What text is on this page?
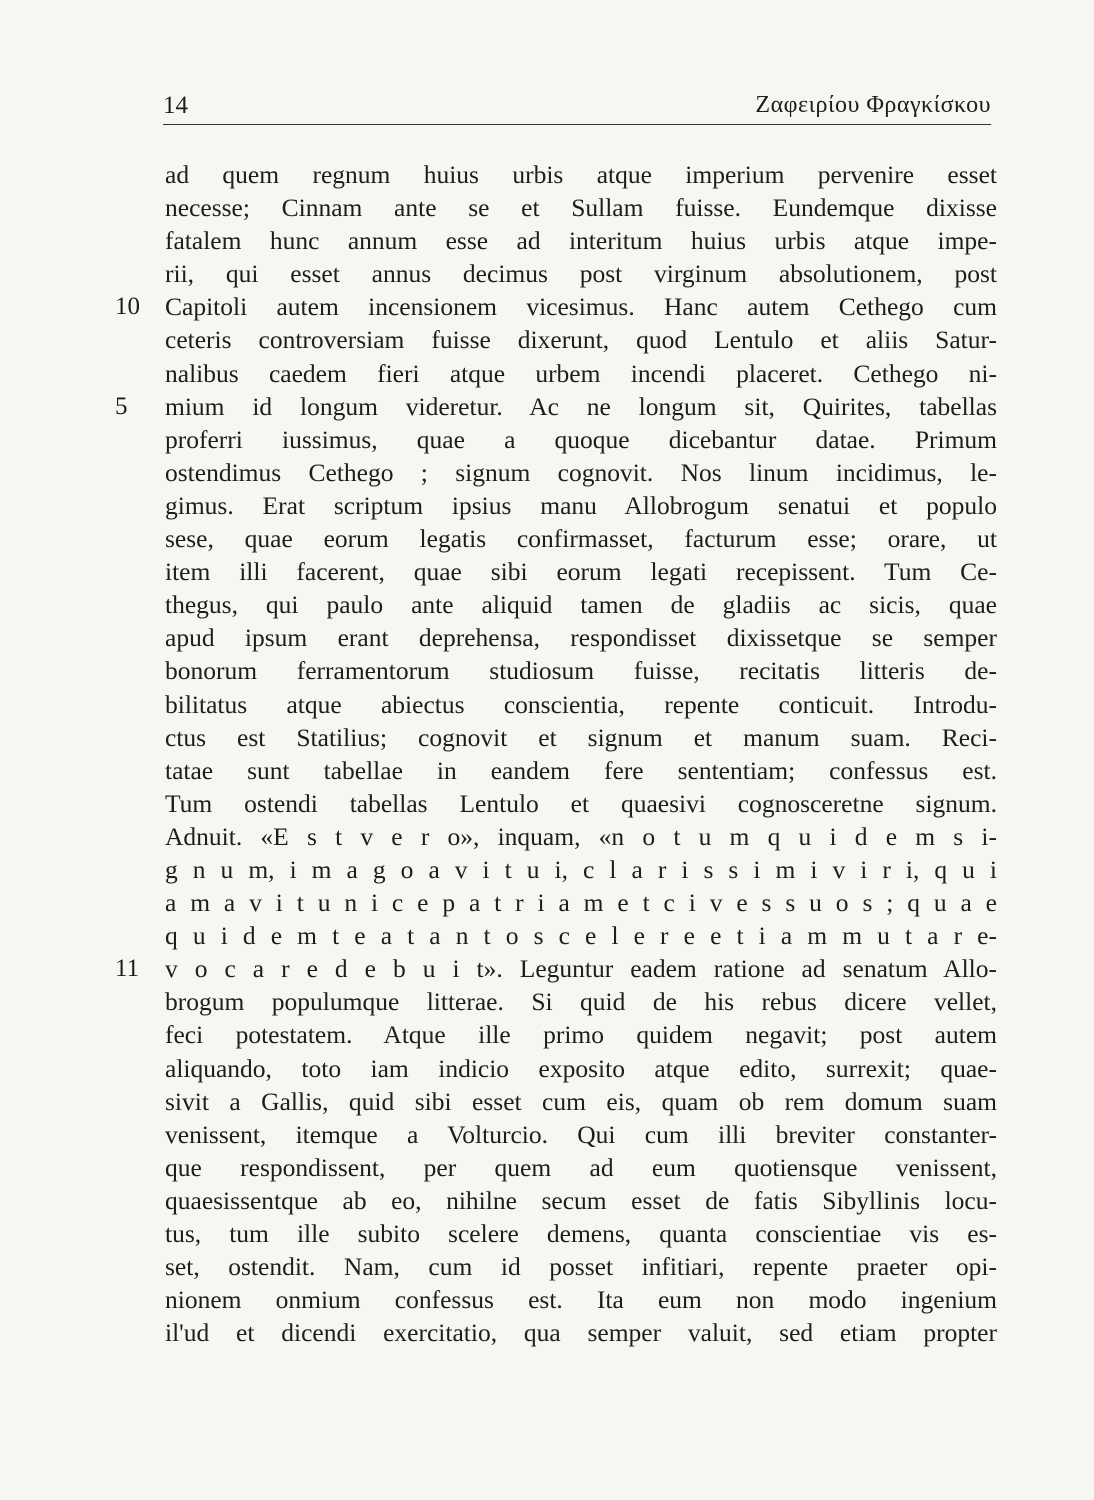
14	Ζαφειρίου Φραγκίσκου
ad quem regnum huius urbis atque imperium pervenire esset
necesse; Cinnam ante se et Sullam fuisse. Eundemque dixisse
fatalem hunc annum esse ad interitum huius urbis atque impe-
rii, qui esset annus decimus post virginum absolutionem, post
10 Capitoli autem incensionem vicesimus. Hanc autem Cethego cum
ceteris controversiam fuisse dixerunt, quod Lentulo et aliis Satur-
nalibus caedem fieri atque urbem incendi placeret. Cethego ni-
5	mium id longum videretur. Ac ne longum sit, Quirites, tabellas
proferri iussimus, quae a quoque dicebantur datae. Primum
ostendimus Cethego ; signum cognovit. Nos linum incidimus, le-
gimus. Erat scriptum ipsius manu Allobrogum senatui et populo
sese, quae eorum legatis confirmasset, facturum esse; orare, ut
item illi facerent, quae sibi eorum legati recepissent. Tum Ce-
thegus, qui paulo ante aliquid tamen de gladiis ac sicis, quae
apud ipsum erant deprehensa, respondisset dixissetque se semper
bonorum ferramentorum studiosum fuisse, recitatis litteris de-
bilitatus atque abiectus conscientia, repente conticuit. Introdu-
ctus est Statilius; cognovit et signum et manum suam. Reci-
tatae sunt tabellae in eandem fere sententiam; confessus est.
Tum ostendi tabellas Lentulo et quaesivi cognosceretne signum.
Adnuit. «E s t v e r o», inquam, «n o t u m q u i d e m s i-
g n u m, i m a g o a v i t u i, c l a r i s s i m i v i r i, q u i
a m a v i t u n i c e p a t r i a m e t c i v e s s u o s ; q u a e
q u i d e m t e a t a n t o s c e l e r e e t i a m m u t a r e-
11	v o c a r e d e b u i t». Leguntur eadem ratione ad senatum Allo-
brogum populumque litterae. Si quid de his rebus dicere vellet,
feci potestatem. Atque ille primo quidem negavit; post autem
aliquando, toto iam indicio exposito atque edito, surrexit; quae-
sivit a Gallis, quid sibi esset cum eis, quam ob rem domum suam
venissent, itemque a Volturcio. Qui cum illi breviter constanter-
que respondissent, per quem ad eum quotiensque venissent,
quaesissentque ab eo, nihilne secum esset de fatis Sibyllinis locu-
tus, tum ille subito scelere demens, quanta conscientiae vis es-
set, ostendit. Nam, cum id posset infitiari, repente praeter opi-
nionem onmium confessus est. Ita eum non modo ingenium
il'ud et dicendi exercitatio, qua semper valuit, sed etiam propter
